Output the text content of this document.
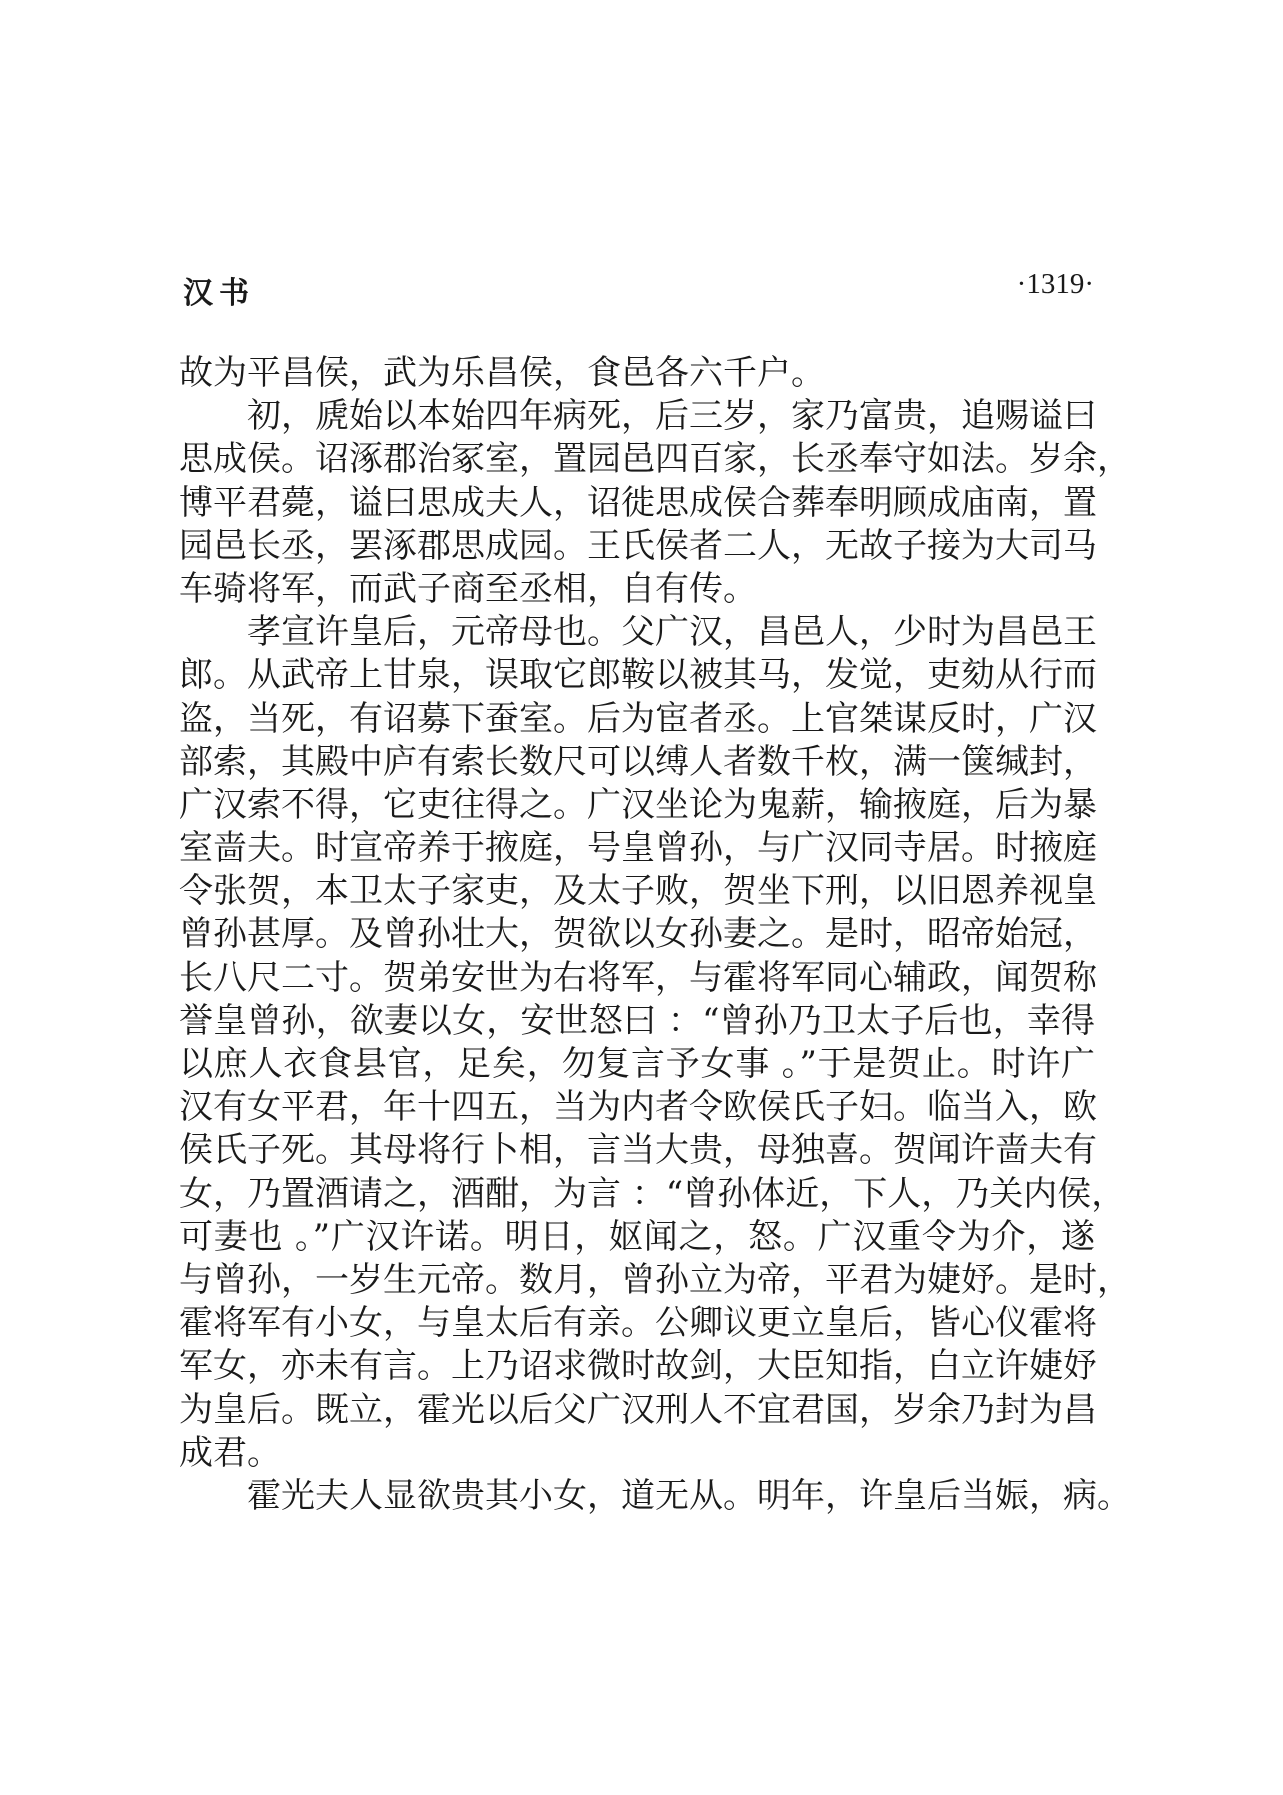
汉书	·1319·

故为平昌侯，武为乐昌侯，食邑各六千户。

初，虒始以本始四年病死，后三岁，家乃富贵，追赐谥曰
思成侯。诏涿郡治冢室，置园邑四百家，长丞奉守如法。岁余，
博平君薨，谥曰思成夫人，诏徙思成侯合葬奉明顾成庙南，置
园邑长丞，罢涿郡思成园。王氏侯者二人，无故子接为大司马
车骑将军，而武子商至丞相，自有传。

孝宣许皇后，元帝母也。父广汉，昌邑人，少时为昌邑王
郎。从武帝上甘泉，误取它郎鞍以被其马，发觉，吏劾从行而
盗，当死，有诏募下蚕室。后为宦者丞。上官桀谋反时，广汉
部索，其殿中庐有索长数尺可以缚人者数千枚，满一箧缄封，
广汉索不得，它吏往得之。广汉坐论为鬼薪，输掖庭，后为暴
室啬夫。时宣帝养于掖庭，号皇曾孙，与广汉同寺居。时掖庭
令张贺，本卫太子家吏，及太子败，贺坐下刑，以旧恩养视皇
曾孙甚厚。及曾孙壮大，贺欲以女孙妻之。是时，昭帝始冠，
长八尺二寸。贺弟安世为右将军，与霍将军同心辅政，闻贺称
誉皇曾孙，欲妻以女，安世怒曰 ：“曾孙乃卫太子后也，幸得
以庶人衣食县官，足矣，勿复言予女事 。”于是贺止。时许广
汉有女平君，年十四五，当为内者令欧侯氏子妇。临当入，欧
侯氏子死。其母将行卜相，言当大贵，母独喜。贺闻许啬夫有
女，乃置酒请之，酒酣，为言 ：“曾孙体近，下人，乃关内侯，
可妻也 。”广汉许诺。明日，妪闻之，怒。广汉重令为介，遂
与曾孙，一岁生元帝。数月，曾孙立为帝，平君为婕妤。是时，
霍将军有小女，与皇太后有亲。公卿议更立皇后，皆心仪霍将
军女，亦未有言。上乃诏求微时故剑，大臣知指，白立许婕妤
为皇后。既立，霍光以后父广汉刑人不宜君国，岁余乃封为昌
成君。

霍光夫人显欲贵其小女，道无从。明年，许皇后当娠，病。
